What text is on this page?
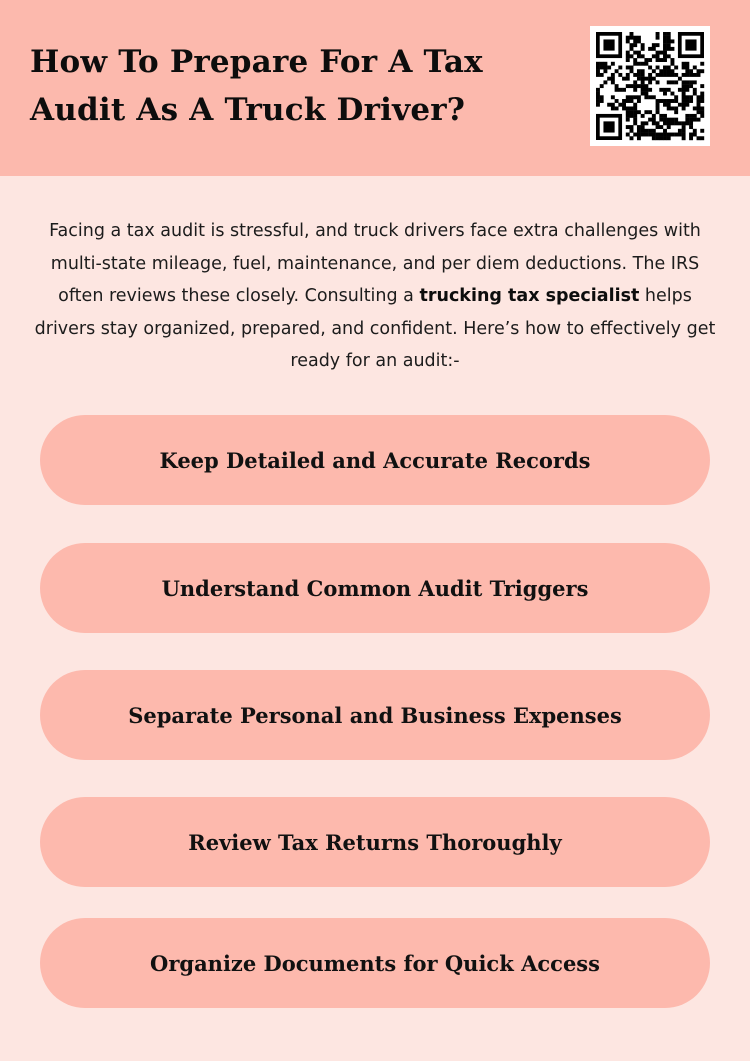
How To Prepare For A Tax
Audit As A Truck Driver?

Facing a tax audit is stressful, and truck drivers face extra challenges with multi-state mileage, fuel, maintenance, and per diem deductions. The IRS often reviews these closely. Consulting a trucking tax specialist helps drivers stay organized, prepared, and confident. Here’s how to effectively get ready for an audit:-

Keep Detailed and Accurate Records
Understand Common Audit Triggers
Separate Personal and Business Expenses
Review Tax Returns Thoroughly
Organize Documents for Quick Access
